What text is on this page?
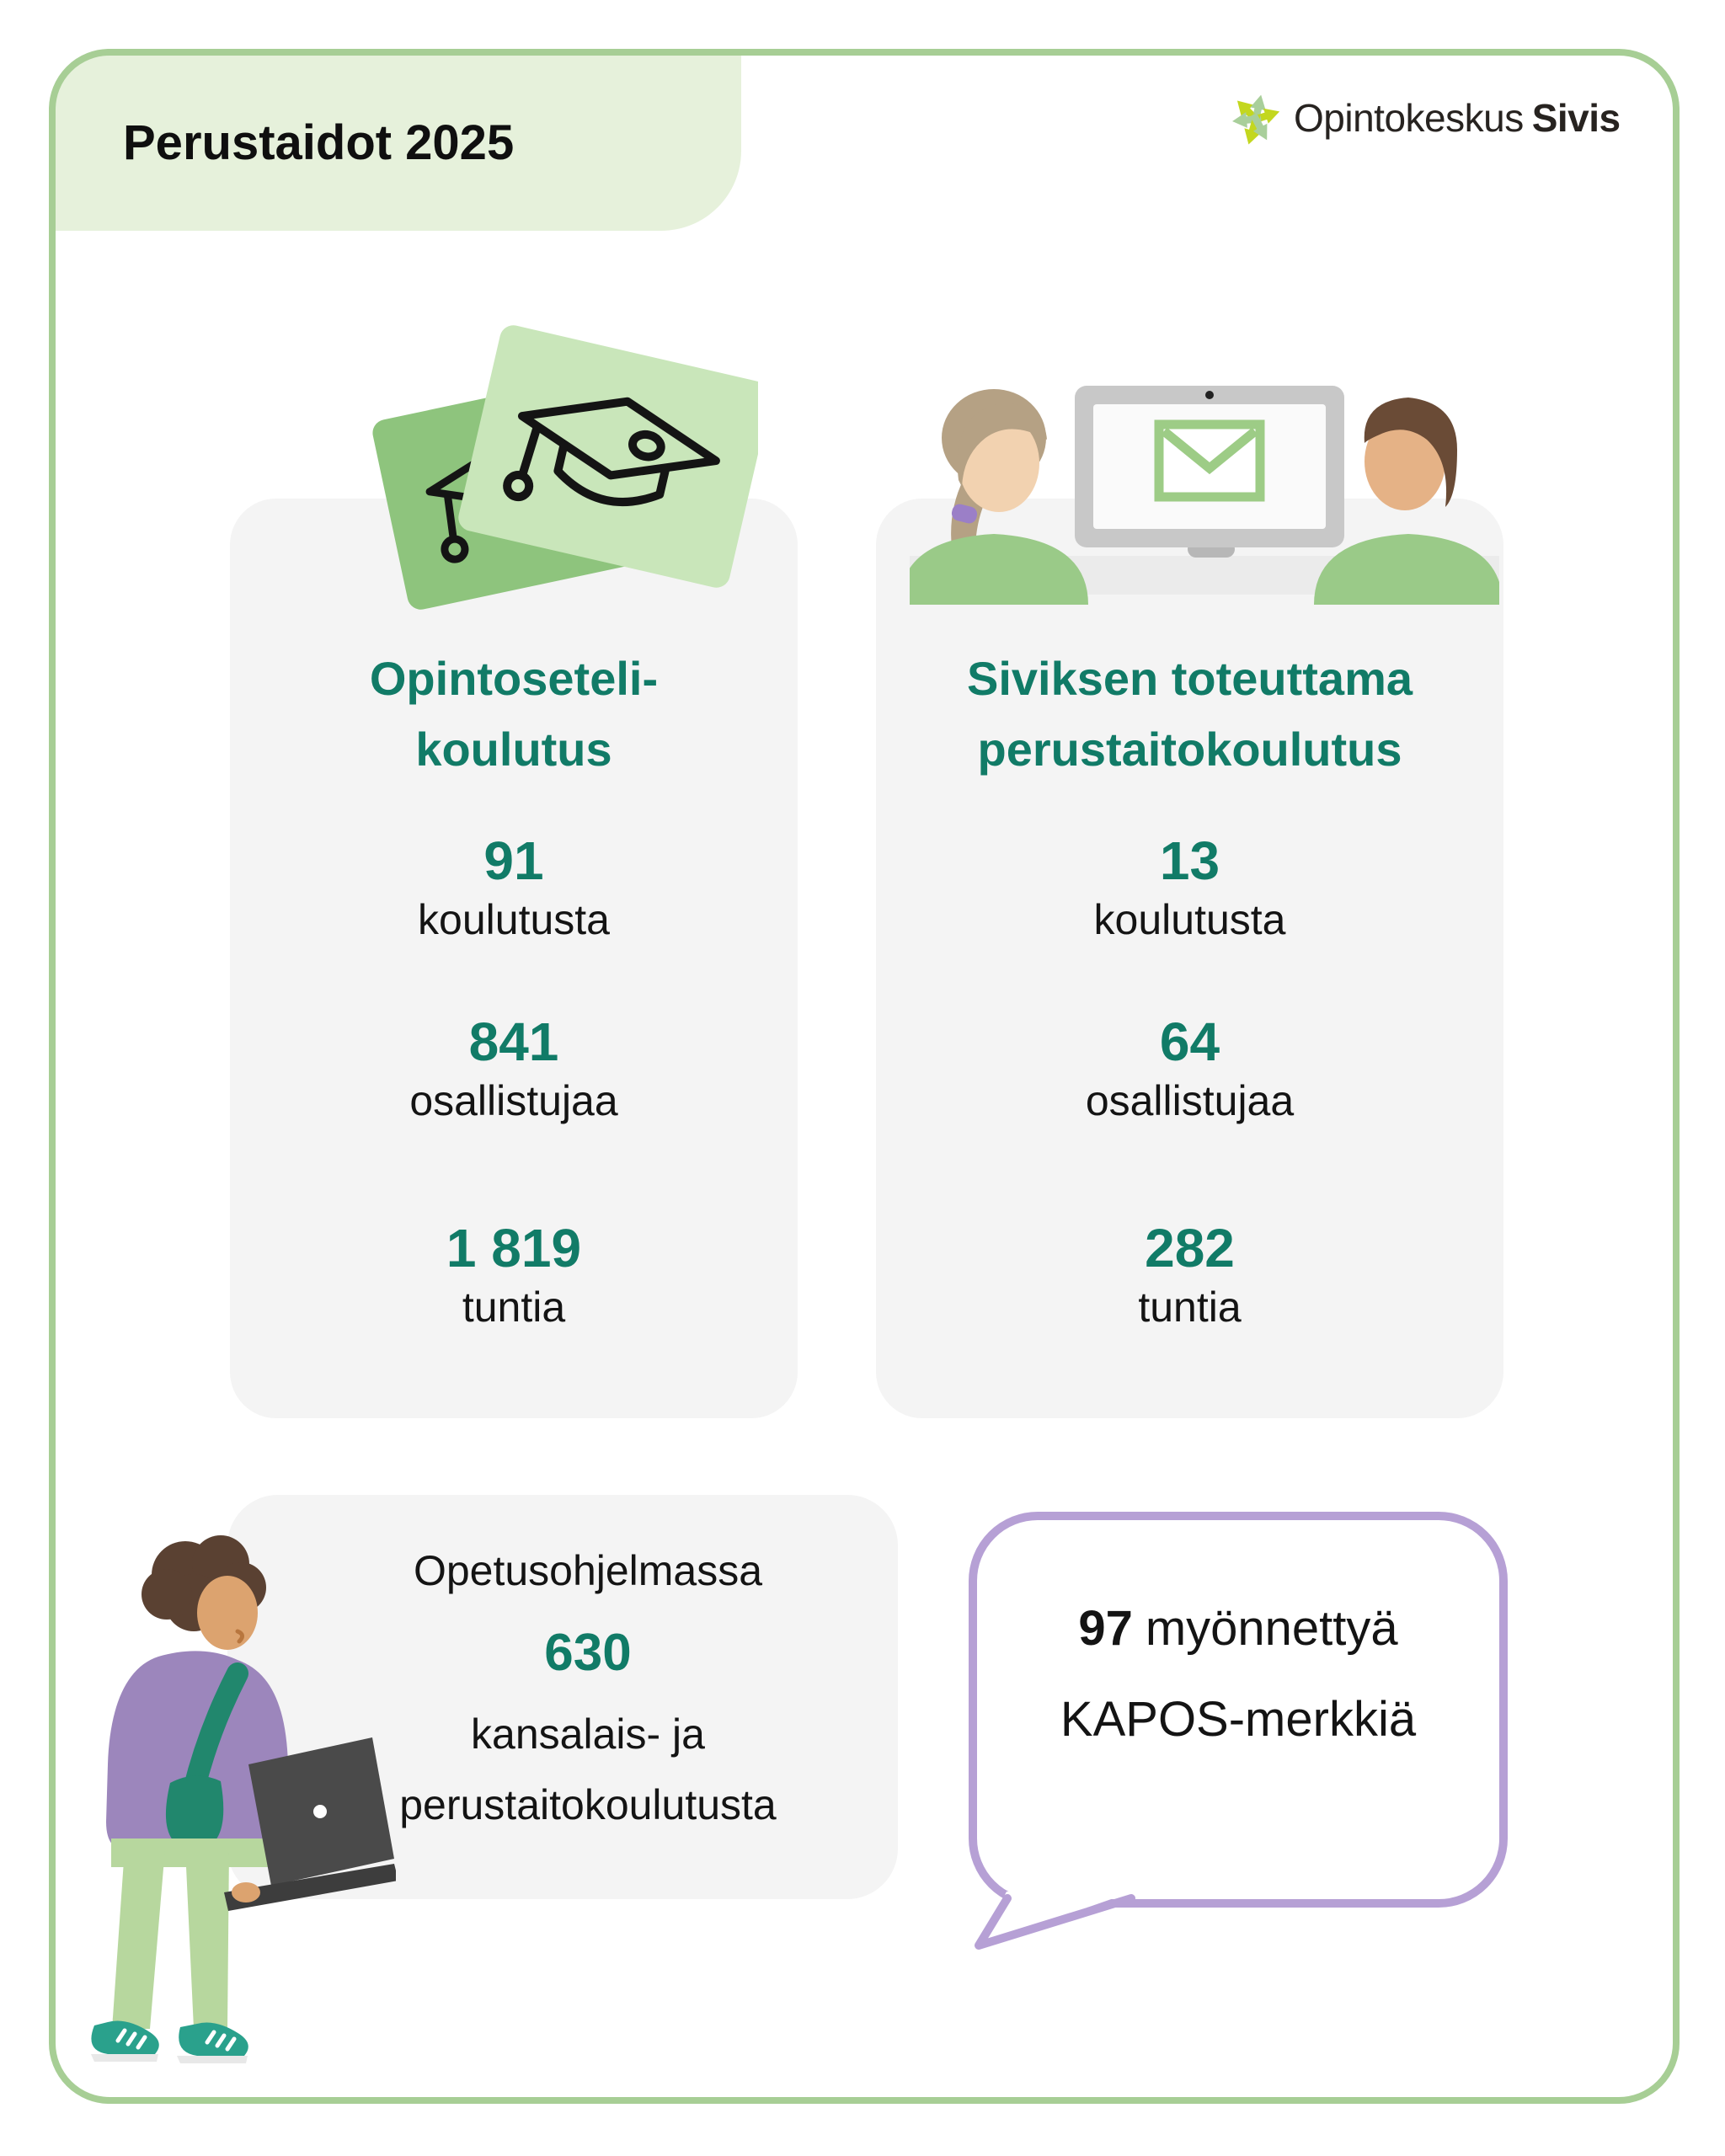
Perustaidot 2025	Opintokeskus Sivis
Opintoseteli-
koulutus
91
koulutusta
841
osallistujaa
1 819
tuntia
Siviksen toteuttama
perustaitokoulutus
13
koulutusta
64
osallistujaa
282
tuntia
Opetusohjelmassa
630
kansalais- ja
perustaitokoulutusta
97 myönnettyä
KAPOS-merkkiä
